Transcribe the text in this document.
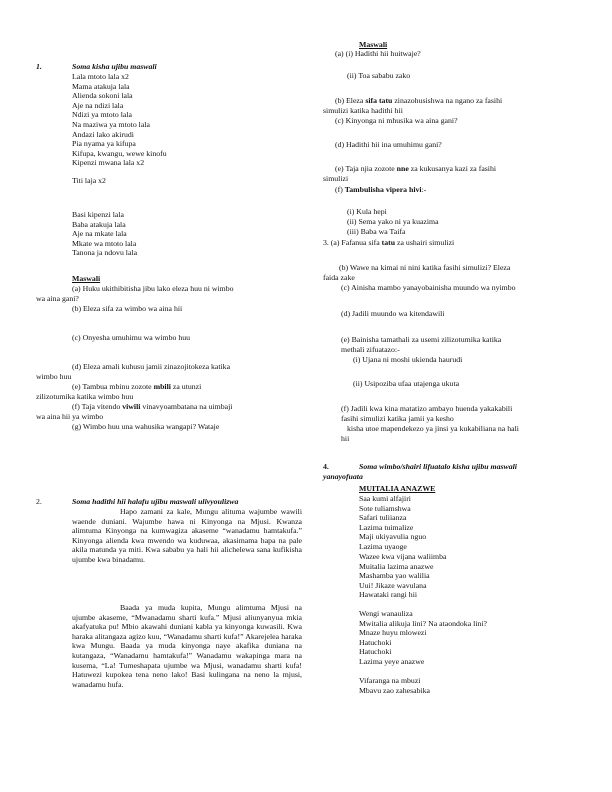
1.	Soma kisha ujibu maswali
Lala mtoto lala x2
Mama atakuja lala
Alienda sokoni lala
Aje na ndizi lala
Ndizi ya mtoto lala
Na maziwa ya mtoto lala
Andazi lako akirudi
Pia nyama ya kifupa
Kifupa, kwangu, wewe kinofu
Kipenzi mwana lala x2
Titi laja x2
Basi kipenzi lala
Baba atakuja lala
Aje na mkate lala
Mkate wa mtoto lala
Tanona ja ndovu lala
Maswali
(a) Huku ukithibitisha jibu lako eleza huu ni wimbo
wa aina gani?
(b) Eleza sifa za wimbo wa aina hii
(c) Onyesha umuhimu wa wimbo huu
(d) Eleza amali kuhusu jamii zinazojitokeza katika
wimbo huu
(e) Tambua mbinu zozote mbili za utunzi
zilizotumika katika wimbo huu
(f) Taja vitendo viwili vinavyoambatana na uimbaji
wa aina hii ya wimbo
(g) Wimbo huu una wahusika wangapi? Wataje
2.	Soma hadithi hii halafu ujibu maswali ulivyoulizwa
Hapo zamani za kale, Mungu alituma wajumbe wawili waende duniani. Wajumbe hawa ni Kinyonga na Mjusi. Kwanza alimtuma Kinyonga na kumwagiza akaseme “wanadamu hamtakufa.” Kinyonga alienda kwa mwendo wa kuduwaa, akasimama hapa na pale akila matunda ya miti. Kwa sababu ya hali hii alichelewa sana kufikisha ujumbe kwa binadamu.
Baada ya muda kupita, Mungu alimtuma Mjusi na ujumbe akaseme, “Mwanadamu sharti kufa.” Mjusi aliunyanyua mkia akafyatuka pu! Mbio akawahi duniani kabla ya kinyonga kuwasili. Kwa haraka alitangaza agizo kuu, “Wanadamu sharti kufa!” Akarejelea haraka kwa Mungu. Baada ya muda kinyonga naye akafika duniana na kutangaza, “Wanadamu hamtakufa!” Wanadamu wakapinga mara na kusema, “La! Tumeshapata ujumbe wa Mjusi, wanadamu sharti kufa! Hatuwezi kupokea tena neno lako! Basi kulingana na neno la mjusi, wanadamu hufa.
Maswali
(a) (i) Hadithi hii huitwaje?
(ii) Toa sababu zako
(b) Eleza sifa tatu zinazohusishwa na ngano za fasihi
simulizi katika hadithi hii
(c) Kinyonga ni mhusika wa aina gani?
(d) Hadithi hii ina umuhimu gani?
(e) Taja njia zozote nne za kukusanya kazi za fasihi
simulizi
(f) Tambulisha vipera hivi:-
(i) Kula hepi
(ii) Sema yako ni ya kuazima
(iii) Baba wa Taifa
3. (a) Fafanua sifa tatu za ushairi simulizi
(b) Wawe na kimai ni nini katika fasihi simulizi? Eleza
faida zake
(c) Ainisha mambo yanayobainisha muundo wa nyimbo
(d) Jadili muundo wa kitendawili
(e) Bainisha tamathali za usemi zilizotumika katika
methali zifuatazo:-
(i) Ujana ni moshi ukienda haurudi
(ii) Usipoziba ufaa utajenga ukuta
(f) Jadili kwa kina matatizo ambayo huenda yakakabili
fasihi simulizi katika jamii ya kesho
kisha utoe mapendekezo ya jinsi ya kukabiliana na hali
hii
4.	Soma wimbo/shairi lifuatalo kisha ujibu maswali
yanayofuata
MUITALIA ANAZWE
Saa kumi alfajiri
Sote tuliamshwa
Safari tuliianza
Lazima tuimalize
Maji ukiyavulia nguo
Lazima uyaoge
Wazee kwa vijana waliimba
Muitalia lazima anazwe
Mashamba yao walilia
Uui! Jikaze wavulana
Hawataki rangi hii
Wengi wanauliza
Mwitalia alikuja lini? Na ataondoka lini?
Mnaze huyu mlowezi
Hatuchoki
Hatuchoki
Lazima yeye anazwe
Vifaranga na mbuzi
Mbavu zao zahesabika
